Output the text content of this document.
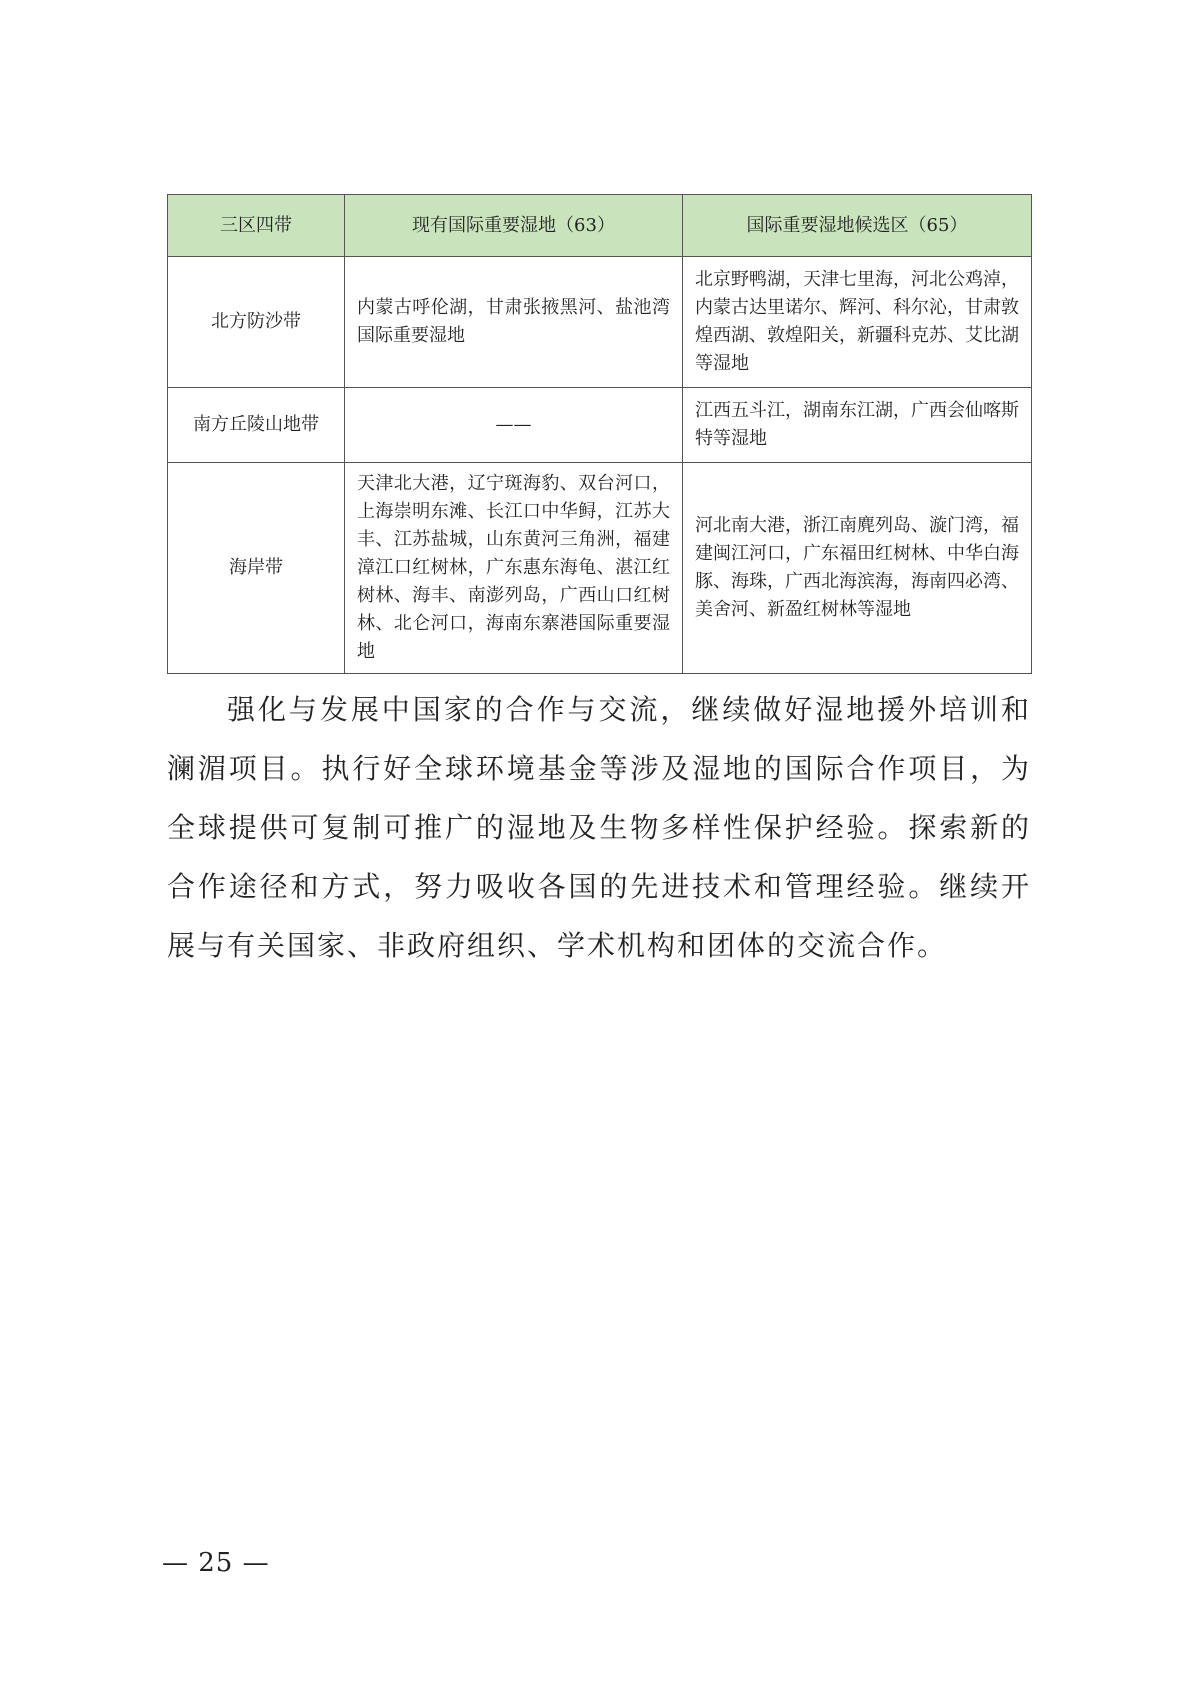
三区四带	现有国际重要湿地（63）	国际重要湿地候选区（65）
北方防沙带	内蒙古呼伦湖，甘肃张掖黑河、盐池湾国际重要湿地	北京野鸭湖，天津七里海，河北公鸡淖，内蒙古达里诺尔、辉河、科尔沁，甘肃敦煌西湖、敦煌阳关，新疆科克苏、艾比湖等湿地
南方丘陵山地带	——	江西五斗江，湖南东江湖，广西会仙喀斯特等湿地
海岸带	天津北大港，辽宁斑海豹、双台河口，上海崇明东滩、长江口中华鲟，江苏大丰、江苏盐城，山东黄河三角洲，福建漳江口红树林，广东惠东海龟、湛江红树林、海丰、南澎列岛，广西山口红树林、北仑河口，海南东寨港国际重要湿地	河北南大港，浙江南麂列岛、漩门湾，福建闽江河口，广东福田红树林、中华白海豚、海珠，广西北海滨海，海南四必湾、美舍河、新盈红树林等湿地

强化与发展中国家的合作与交流，继续做好湿地援外培训和澜湄项目。执行好全球环境基金等涉及湿地的国际合作项目，为全球提供可复制可推广的湿地及生物多样性保护经验。探索新的合作途径和方式，努力吸收各国的先进技术和管理经验。继续开展与有关国家、非政府组织、学术机构和团体的交流合作。

— 25 —
